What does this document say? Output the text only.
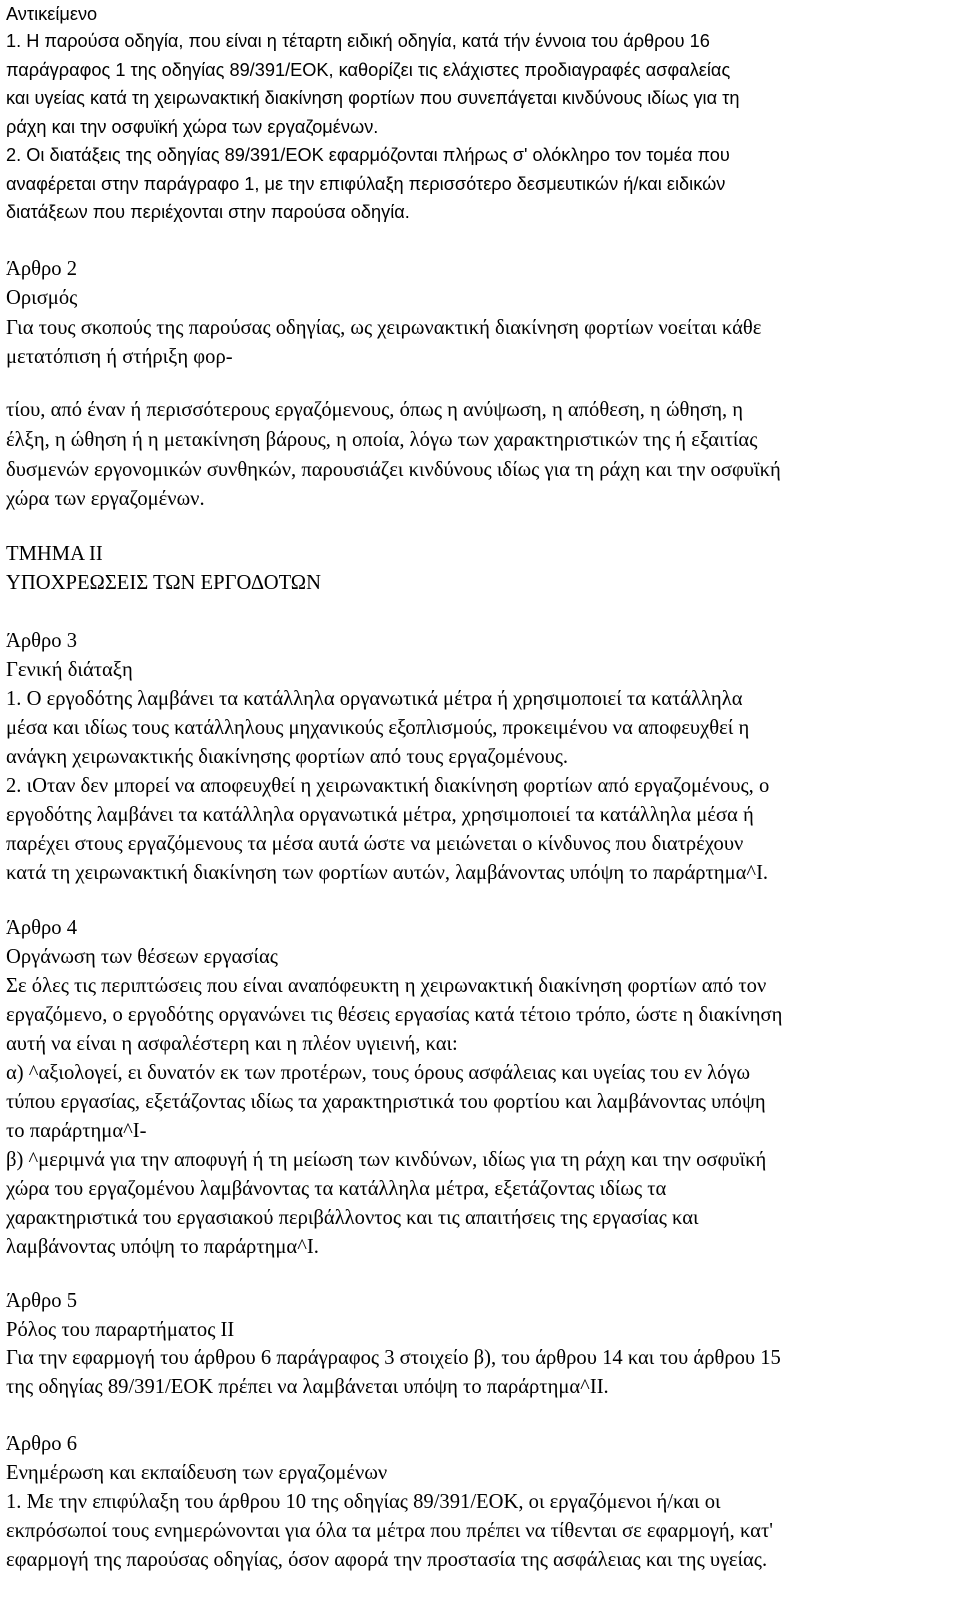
Αντικείμενο
1. Η παρούσα οδηγία, που είναι η τέταρτη ειδική οδηγία, κατά τήν έννοια του άρθρου 16
παράγραφος 1 της οδηγίας 89/391/ΕΟΚ, καθορίζει τις ελάχιστες προδιαγραφές ασφαλείας
και υγείας κατά τη χειρωνακτική διακίνηση φορτίων που συνεπάγεται κινδύνους ιδίως για τη
ράχη και την οσφυϊκή χώρα των εργαζομένων.
2. Οι διατάξεις της οδηγίας 89/391/ΕΟΚ εφαρμόζονται πλήρως σ' ολόκληρο τον τομέα που
αναφέρεται στην παράγραφο 1, με την επιφύλαξη περισσότερο δεσμευτικών ή/και ειδικών
διατάξεων που περιέχονται στην παρούσα οδηγία.
Άρθρο 2
Ορισμός
Για τους σκοπούς της παρούσας οδηγίας, ως χειρωνακτική διακίνηση φορτίων νοείται κάθε
μετατόπιση ή στήριξη φορ-
τίου, από έναν ή περισσότερους εργαζόμενους, όπως η ανύψωση, η απόθεση, η ώθηση, η
έλξη, η ώθηση ή η μετακίνηση βάρους, η οποία, λόγω των χαρακτηριστικών της ή εξαιτίας
δυσμενών εργονομικών συνθηκών, παρουσιάζει κινδύνους ιδίως για τη ράχη και την οσφυϊκή
χώρα των εργαζομένων.
ΤΜΗΜΑ ΙΙ
ΥΠΟΧΡΕΩΣΕΙΣ ΤΩΝ ΕΡΓΟΔΟΤΩΝ
Άρθρο 3
Γενική διάταξη
1. Ο εργοδότης λαμβάνει τα κατάλληλα οργανωτικά μέτρα ή χρησιμοποιεί τα κατάλληλα
μέσα και ιδίως τους κατάλληλους μηχανικούς εξοπλισμούς, προκειμένου να αποφευχθεί η
ανάγκη χειρωνακτικής διακίνησης φορτίων από τους εργαζομένους.
2. ιΟταν δεν μπορεί να αποφευχθεί η χειρωνακτική διακίνηση φορτίων από εργαζομένους, ο
εργοδότης λαμβάνει τα κατάλληλα οργανωτικά μέτρα, χρησιμοποιεί τα κατάλληλα μέσα ή
παρέχει στους εργαζόμενους τα μέσα αυτά ώστε να μειώνεται ο κίνδυνος που διατρέχουν
κατά τη χειρωνακτική διακίνηση των φορτίων αυτών, λαμβάνοντας υπόψη το παράρτημα^Ι.
Άρθρο 4
Οργάνωση των θέσεων εργασίας
Σε όλες τις περιπτώσεις που είναι αναπόφευκτη η χειρωνακτική διακίνηση φορτίων από τον
εργαζόμενο, ο εργοδότης οργανώνει τις θέσεις εργασίας κατά τέτοιο τρόπο, ώστε η διακίνηση
αυτή να είναι η ασφαλέστερη και η πλέον υγιεινή, και:
α) ^αξιολογεί, ει δυνατόν εκ των προτέρων, τους όρους ασφάλειας και υγείας του εν λόγω
τύπου εργασίας, εξετάζοντας ιδίως τα χαρακτηριστικά του φορτίου και λαμβάνοντας υπόψη
το παράρτημα^Ι-
β) ^μεριμνά για την αποφυγή ή τη μείωση των κινδύνων, ιδίως για τη ράχη και την οσφυϊκή
χώρα του εργαζομένου λαμβάνοντας τα κατάλληλα μέτρα, εξετάζοντας ιδίως τα
χαρακτηριστικά του εργασιακού περιβάλλοντος και τις απαιτήσεις της εργασίας και
λαμβάνοντας υπόψη το παράρτημα^Ι.
Άρθρο 5
Ρόλος του παραρτήματος ΙΙ
Για την εφαρμογή του άρθρου 6 παράγραφος 3 στοιχείο β), του άρθρου 14 και του άρθρου 15
της οδηγίας 89/391/ΕΟΚ πρέπει να λαμβάνεται υπόψη το παράρτημα^ΙΙ.
Άρθρο 6
Ενημέρωση και εκπαίδευση των εργαζομένων
1. Με την επιφύλαξη του άρθρου 10 της οδηγίας 89/391/ΕΟΚ, οι εργαζόμενοι ή/και οι
εκπρόσωποί τους ενημερώνονται για όλα τα μέτρα που πρέπει να τίθενται σε εφαρμογή, κατ'
εφαρμογή της παρούσας οδηγίας, όσον αφορά την προστασία της ασφάλειας και της υγείας.
